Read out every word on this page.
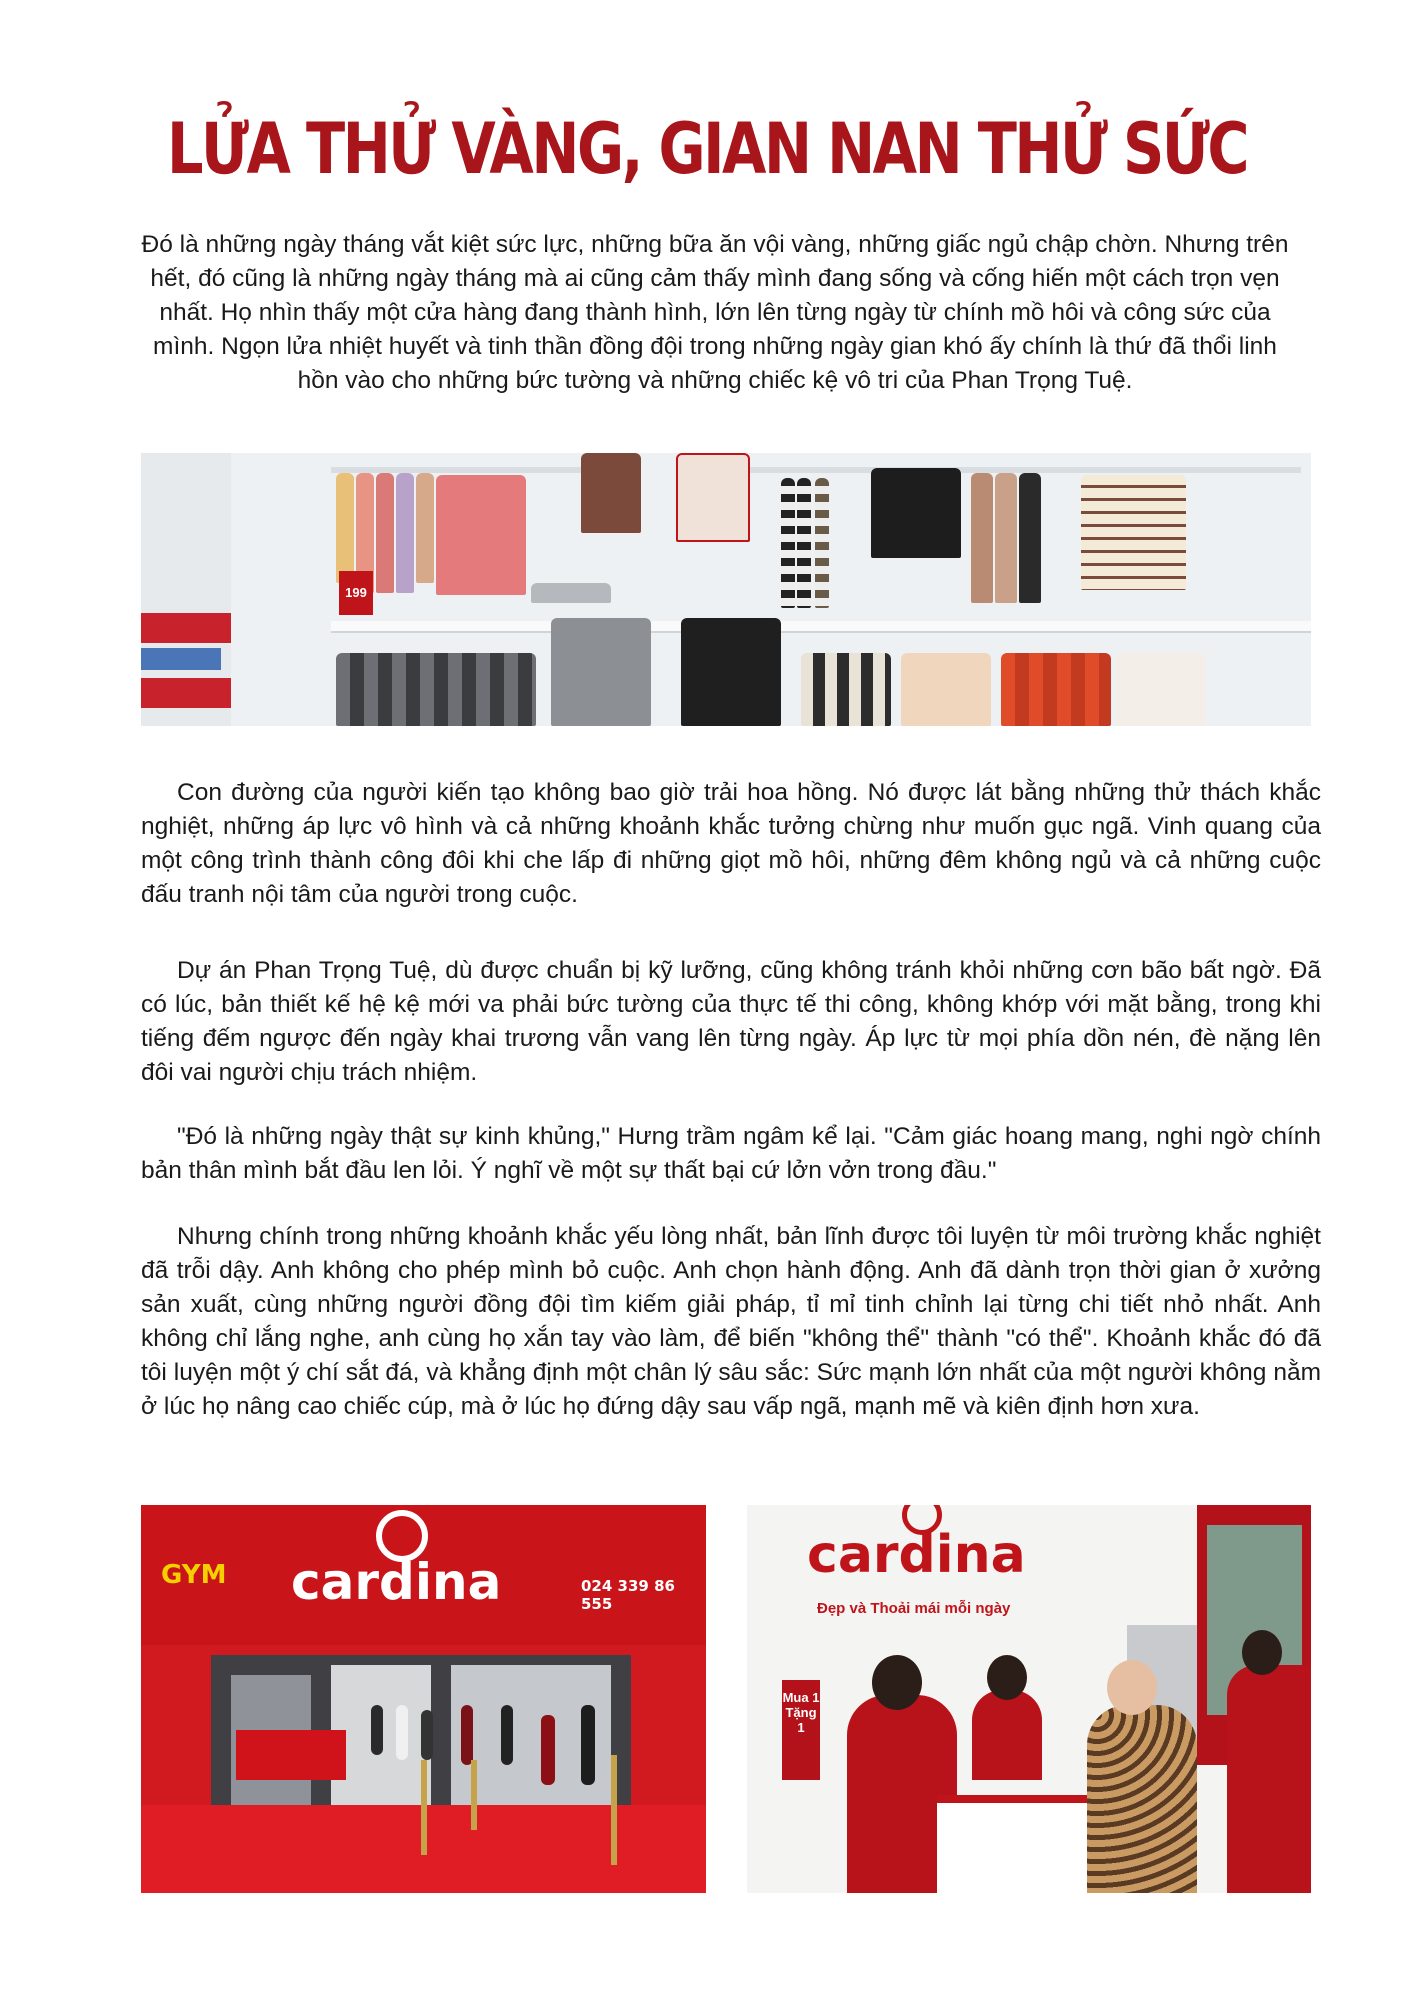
LỬA THỬ VÀNG, GIAN NAN THỬ SỨC
Đó là những ngày tháng vắt kiệt sức lực, những bữa ăn vội vàng, những giấc ngủ chập chờn. Nhưng trên hết, đó cũng là những ngày tháng mà ai cũng cảm thấy mình đang sống và cống hiến một cách trọn vẹn nhất. Họ nhìn thấy một cửa hàng đang thành hình, lớn lên từng ngày từ chính mồ hôi và công sức của mình. Ngọn lửa nhiệt huyết và tinh thần đồng đội trong những ngày gian khó ấy chính là thứ đã thổi linh hồn vào cho những bức tường và những chiếc kệ vô tri của Phan Trọng Tuệ.
199

Con đường của người kiến tạo không bao giờ trải hoa hồng. Nó được lát bằng những thử thách khắc nghiệt, những áp lực vô hình và cả những khoảnh khắc tưởng chừng như muốn gục ngã. Vinh quang của một công trình thành công đôi khi che lấp đi những giọt mồ hôi, những đêm không ngủ và cả những cuộc đấu tranh nội tâm của người trong cuộc.

Dự án Phan Trọng Tuệ, dù được chuẩn bị kỹ lưỡng, cũng không tránh khỏi những cơn bão bất ngờ. Đã có lúc, bản thiết kế hệ kệ mới va phải bức tường của thực tế thi công, không khớp với mặt bằng, trong khi tiếng đếm ngược đến ngày khai trương vẫn vang lên từng ngày. Áp lực từ mọi phía dồn nén, đè nặng lên đôi vai người chịu trách nhiệm.

"Đó là những ngày thật sự kinh khủng," Hưng trầm ngâm kể lại. "Cảm giác hoang mang, nghi ngờ chính bản thân mình bắt đầu len lỏi. Ý nghĩ về một sự thất bại cứ lởn vởn trong đầu."

Nhưng chính trong những khoảnh khắc yếu lòng nhất, bản lĩnh được tôi luyện từ môi trường khắc nghiệt đã trỗi dậy. Anh không cho phép mình bỏ cuộc. Anh chọn hành động. Anh đã dành trọn thời gian ở xưởng sản xuất, cùng những người đồng đội tìm kiếm giải pháp, tỉ mỉ tinh chỉnh lại từng chi tiết nhỏ nhất. Anh không chỉ lắng nghe, anh cùng họ xắn tay vào làm, để biến "không thể" thành "có thể". Khoảnh khắc đó đã tôi luyện một ý chí sắt đá, và khẳng định một chân lý sâu sắc: Sức mạnh lớn nhất của một người không nằm ở lúc họ nâng cao chiếc cúp, mà ở lúc họ đứng dậy sau vấp ngã, mạnh mẽ và kiên định hơn xưa.

GYM cardina	024 339 86 555
cardina
Đẹp và Thoải mái mỗi ngày
Mua 1 Tặng 1
